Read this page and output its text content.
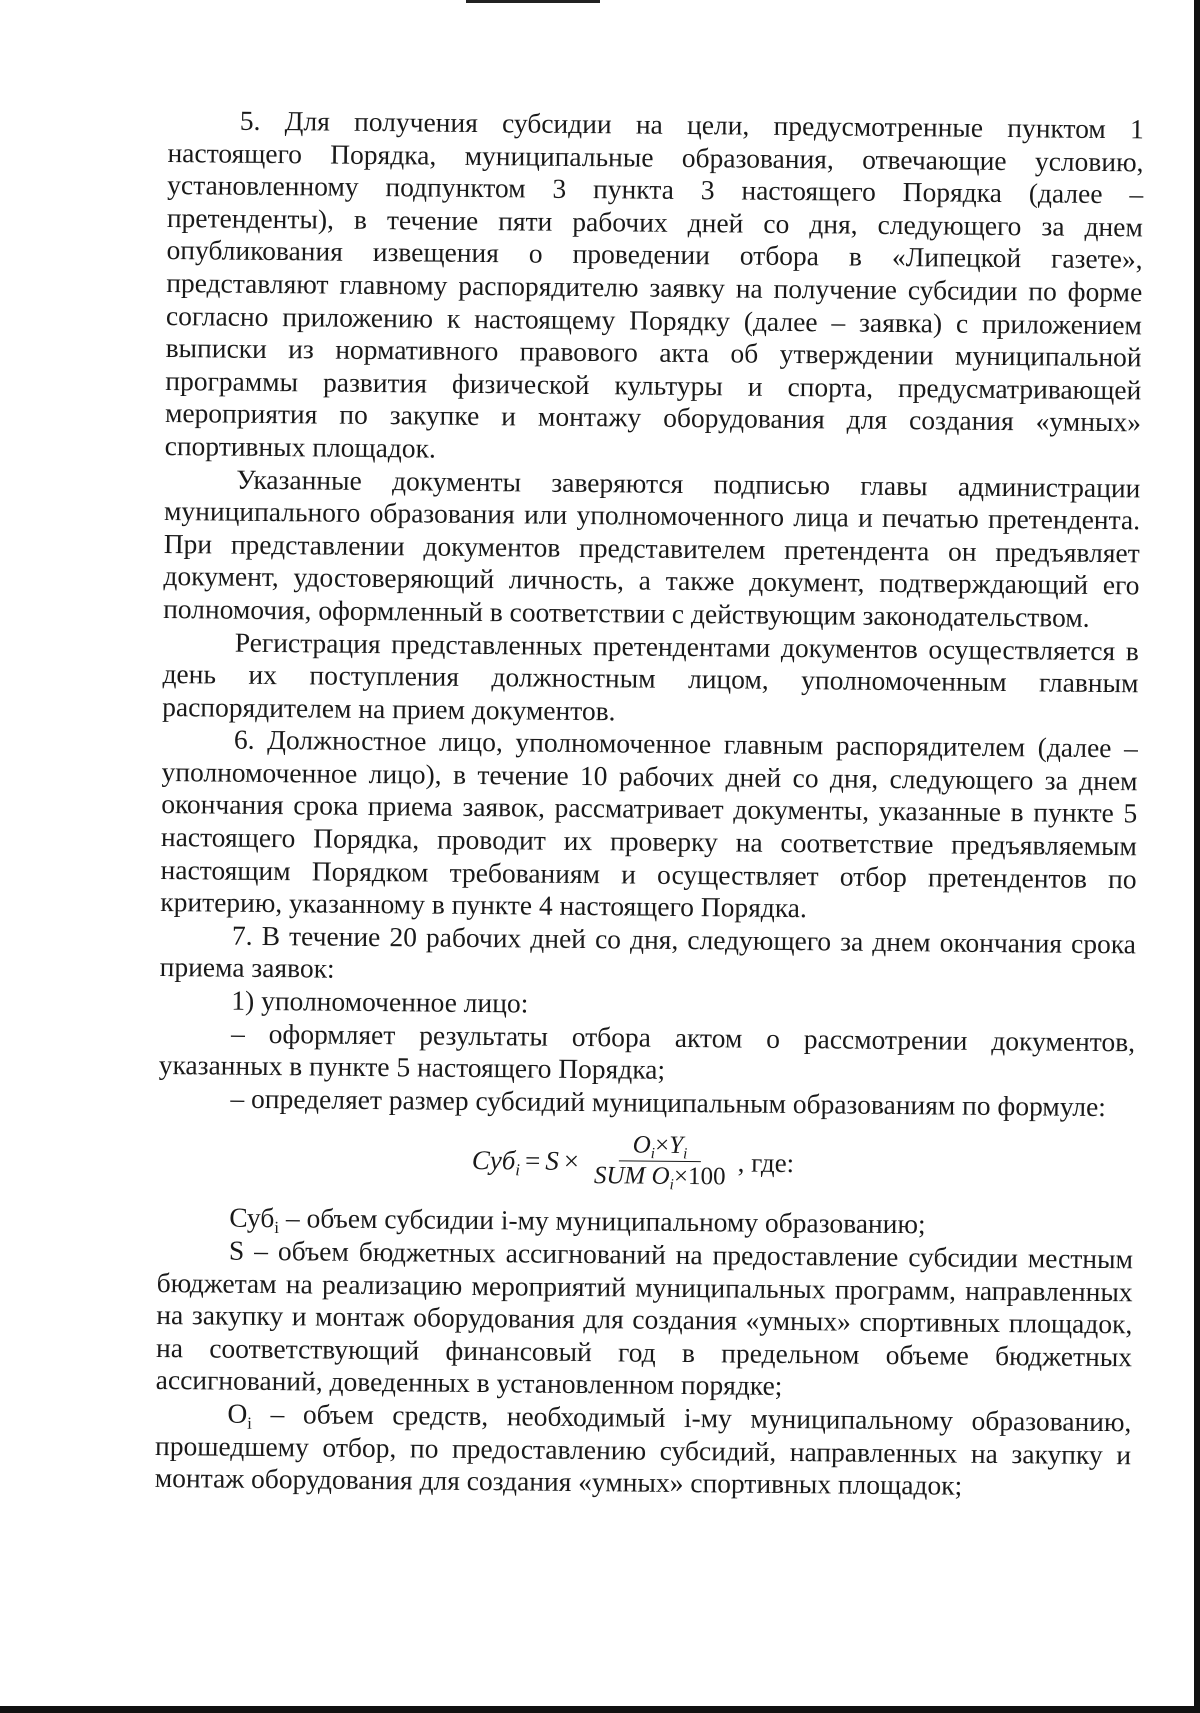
5. Для получения субсидии на цели, предусмотренные пунктом 1 настоящего Порядка, муниципальные образования, отвечающие условию, установленному подпунктом 3 пункта 3 настоящего Порядка (далее – претенденты), в течение пяти рабочих дней со дня, следующего за днем опубликования извещения о проведении отбора в «Липецкой газете», представляют главному распорядителю заявку на получение субсидии по форме согласно приложению к настоящему Порядку (далее – заявка) с приложением выписки из нормативного правового акта об утверждении муниципальной программы развития физической культуры и спорта, предусматривающей мероприятия по закупке и монтажу оборудования для создания «умных» спортивных площадок.

Указанные документы заверяются подписью главы администрации муниципального образования или уполномоченного лица и печатью претендента. При представлении документов представителем претендента он предъявляет документ, удостоверяющий личность, а также документ, подтверждающий его полномочия, оформленный в соответствии с действующим законодательством.

Регистрация представленных претендентами документов осуществляется в день их поступления должностным лицом, уполномоченным главным распорядителем на прием документов.

6. Должностное лицо, уполномоченное главным распорядителем (далее – уполномоченное лицо), в течение 10 рабочих дней со дня, следующего за днем окончания срока приема заявок, рассматривает документы, указанные в пункте 5 настоящего Порядка, проводит их проверку на соответствие предъявляемым настоящим Порядком требованиям и осуществляет отбор претендентов по критерию, указанному в пункте 4 настоящего Порядка.

7. В течение 20 рабочих дней со дня, следующего за днем окончания срока приема заявок:

1) уполномоченное лицо:

– оформляет результаты отбора актом о рассмотрении документов, указанных в пункте 5 настоящего Порядка;

– определяет размер субсидий муниципальным образованиям по формуле:

$Суб_i = S \times \frac{O_i\times Y_i}{SUM O_i\times 100}$ , где:

Суб$_i$ – объем субсидии i-му муниципальному образованию;

S – объем бюджетных ассигнований на предоставление субсидии местным бюджетам на реализацию мероприятий муниципальных программ, направленных на закупку и монтаж оборудования для создания «умных» спортивных площадок, на соответствующий финансовый год в предельном объеме бюджетных ассигнований, доведенных в установленном порядке;

$O_i$ – объем средств, необходимый i-му муниципальному образованию, прошедшему отбор, по предоставлению субсидий, направленных на закупку и монтаж оборудования для создания «умных» спортивных площадок;
